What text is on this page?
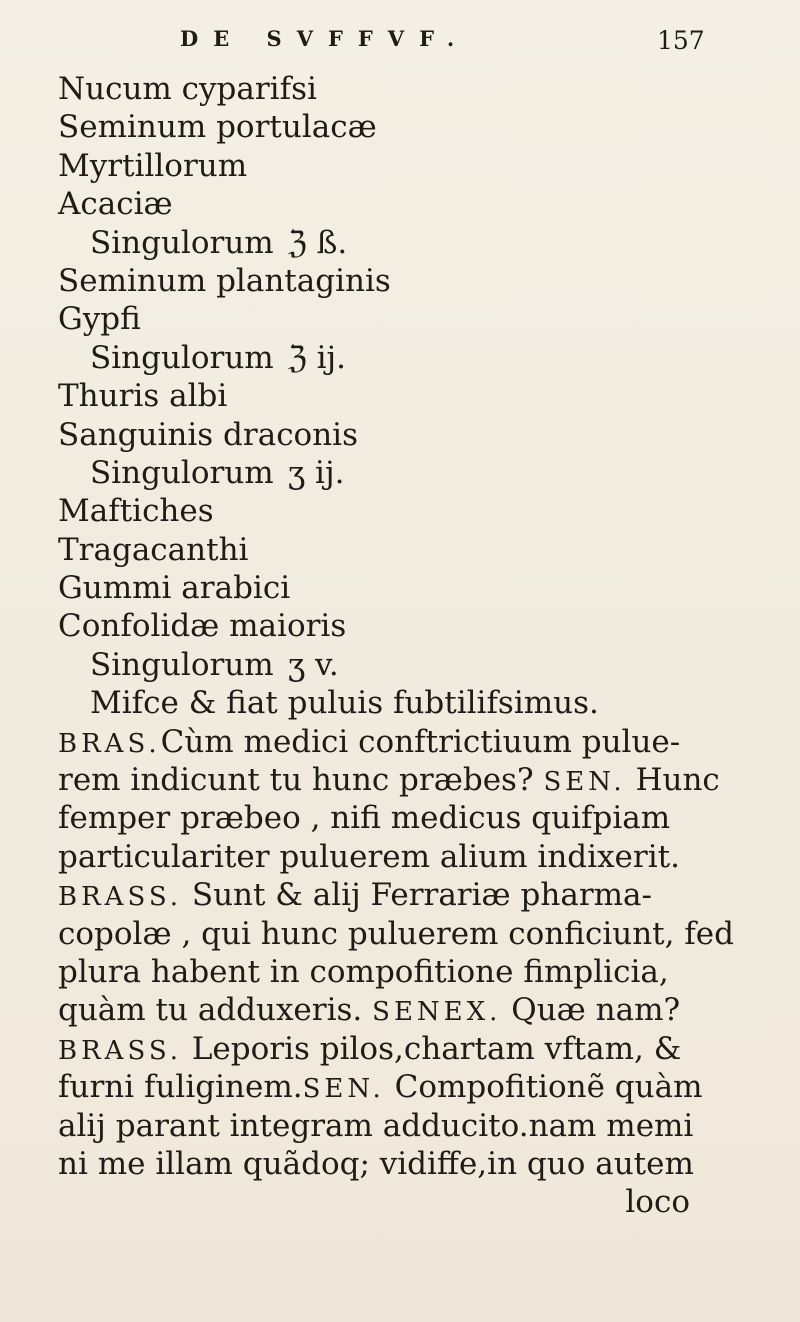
DE SVFFVF.	157
Nucum cyparifsi
Seminum portulacæ
Myrtillorum
Acaciæ
Singulorum ℨ ß.
Seminum plantaginis
Gypfi
Singulorum ℨ ij.
Thuris albi
Sanguinis draconis
Singulorum ʒ ij.
Maftiches
Tragacanthi
Gummi arabici
Confolidæ maioris
Singulorum ʒ v.
Mifce & fiat puluis fubtilifsimus.
BRAS.Cùm medici conftrictiuum pulue-
rem indicunt tu hunc præbes? SEN. Hunc
femper præbeo , nifi medicus quifpiam
particulariter puluerem alium indixerit.
BRASS. Sunt & alij Ferrariæ pharma-
copolæ , qui hunc puluerem conficiunt, fed
plura habent in compofitione fimplicia,
quàm tu adduxeris. SENEX. Quæ nam?
BRASS. Leporis pilos,chartam vftam, &
furni fuliginem.SEN. Compofitionẽ quàm
alij parant integram adducito.nam memi
ni me illam quãdoq; vidiffe,in quo autem
loco
